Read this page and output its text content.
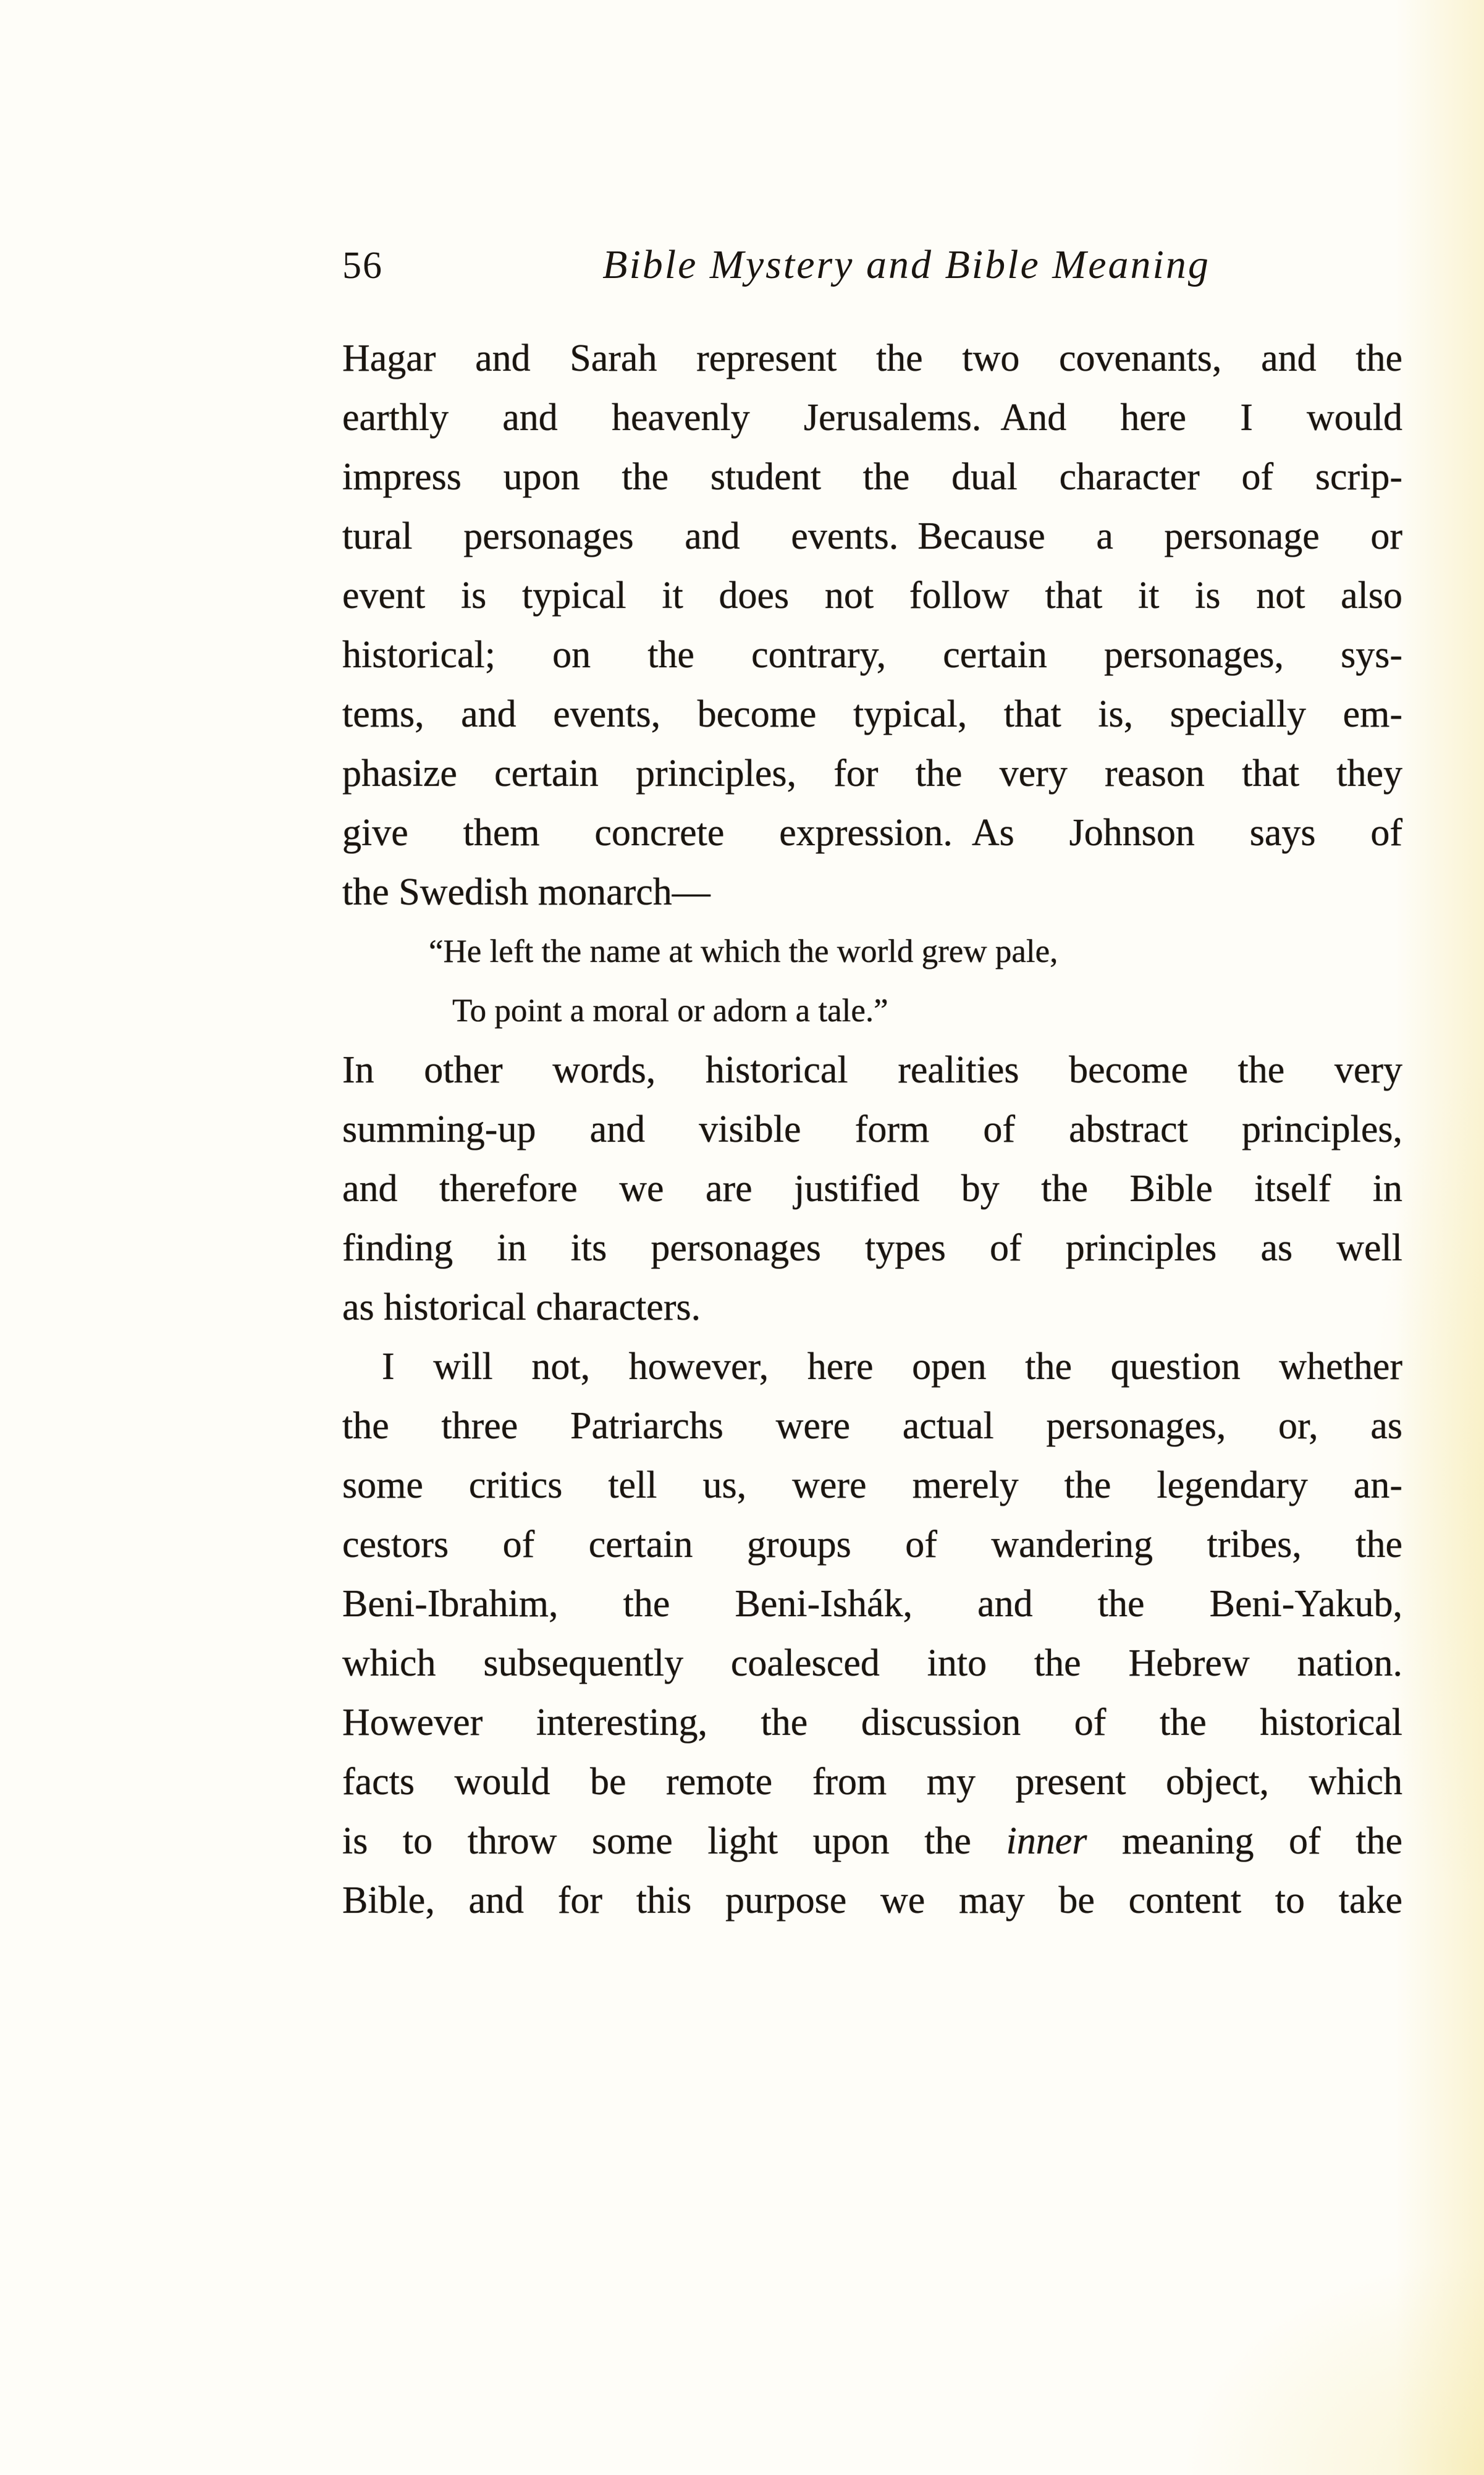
56	Bible Mystery and Bible Meaning
Hagar and Sarah represent the two covenants, and the
earthly and heavenly Jerusalems. And here I would
impress upon the student the dual character of scrip-
tural personages and events. Because a personage or
event is typical it does not follow that it is not also
historical; on the contrary, certain personages, sys-
tems, and events, become typical, that is, specially em-
phasize certain principles, for the very reason that they
give them concrete expression. As Johnson says of
the Swedish monarch—
“He left the name at which the world grew pale,
To point a moral or adorn a tale.”
In other words, historical realities become the very
summing-up and visible form of abstract principles,
and therefore we are justified by the Bible itself in
finding in its personages types of principles as well
as historical characters.
I will not, however, here open the question whether
the three Patriarchs were actual personages, or, as
some critics tell us, were merely the legendary an-
cestors of certain groups of wandering tribes, the
Beni-Ibrahim, the Beni-Ishák, and the Beni-Yakub,
which subsequently coalesced into the Hebrew nation.
However interesting, the discussion of the historical
facts would be remote from my present object, which
is to throw some light upon the inner meaning of the
Bible, and for this purpose we may be content to take
